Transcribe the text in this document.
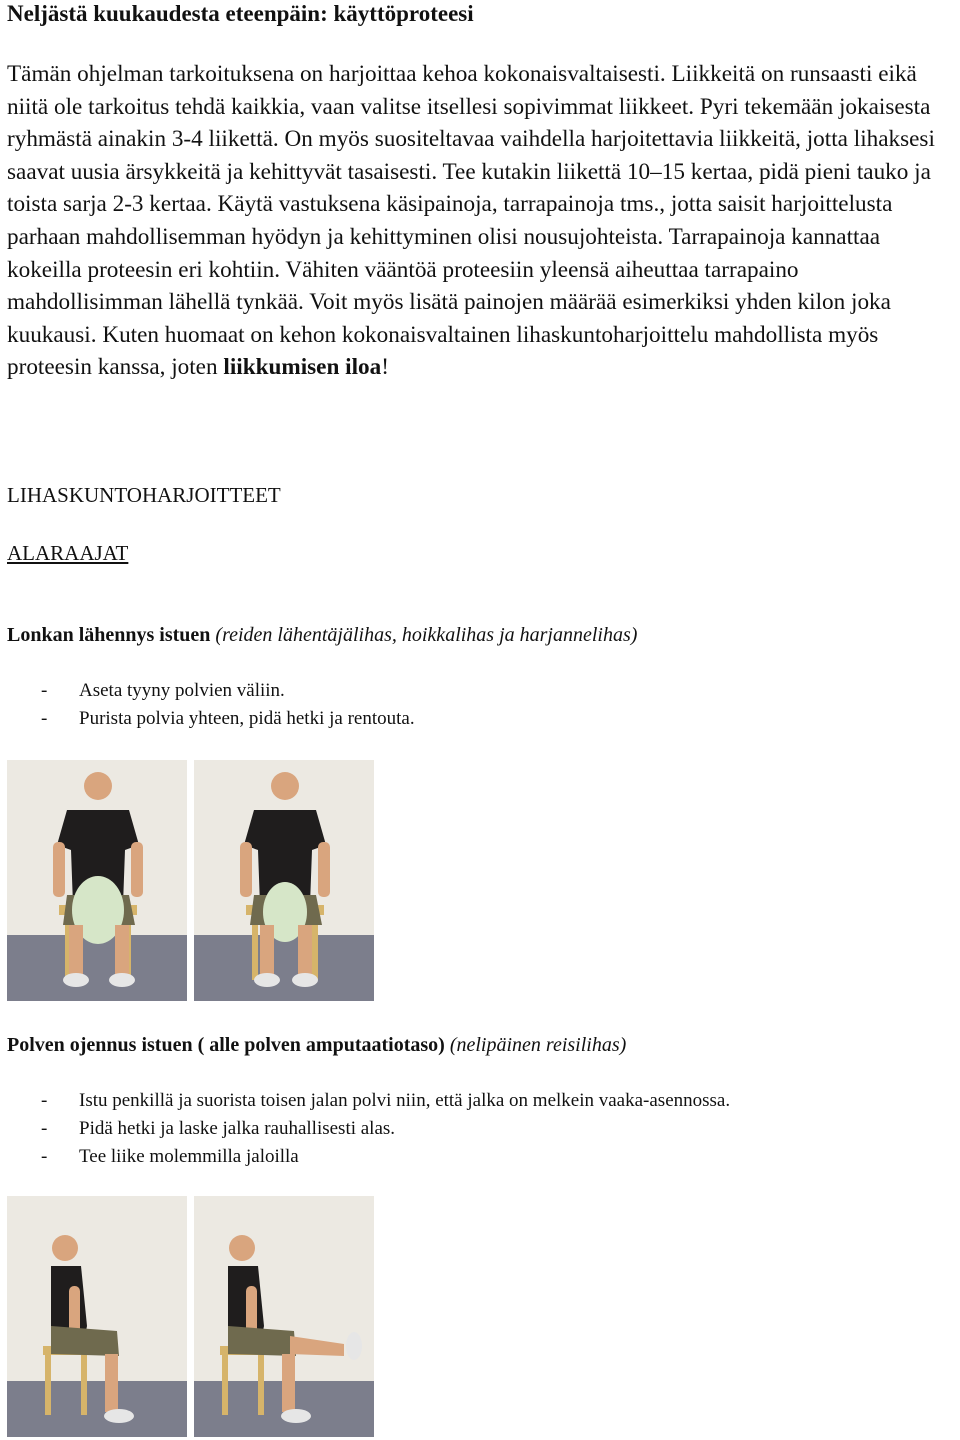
Neljästä kuukaudesta eteenpäin: käyttöproteesi

Tämän ohjelman tarkoituksena on harjoittaa kehoa kokonaisvaltaisesti. Liikkeitä on runsaasti eikä niitä ole tarkoitus tehdä kaikkia, vaan valitse itsellesi sopivimmat liikkeet. Pyri tekemään jokaisesta ryhmästä ainakin 3-4 liikettä. On myös suositeltavaa vaihdella harjoitettavia liikkeitä, jotta lihaksesi saavat uusia ärsykkeitä ja kehittyvät tasaisesti. Tee kutakin liikettä 10–15 kertaa, pidä pieni tauko ja toista sarja 2-3 kertaa. Käytä vastuksena käsipainoja, tarrapainoja tms., jotta saisit harjoittelusta parhaan mahdollisemman hyödyn ja kehittyminen olisi nousujohteista. Tarrapainoja kannattaa kokeilla proteesin eri kohtiin. Vähiten vääntöä proteesiin yleensä aiheuttaa tarrapaino mahdollisimman lähellä tynkää. Voit myös lisätä painojen määrää esimerkiksi yhden kilon joka kuukausi. Kuten huomaat on kehon kokonaisvaltainen lihaskuntoharjoittelu mahdollista myös proteesin kanssa, joten liikkumisen iloa!

LIHASKUNTOHARJOITTEET

ALARAAJAT

Lonkan lähennys istuen (reiden lähentäjälihas, hoikkalihas ja harjannelihas)

- Aseta tyyny polvien väliin.
- Purista polvia yhteen, pidä hetki ja rentouta.

Polven ojennus istuen ( alle polven amputaatiotaso) (nelipäinen reisilihas)

- Istu penkillä ja suorista toisen jalan polvi niin, että jalka on melkein vaaka-asennossa.
- Pidä hetki ja laske jalka rauhallisesti alas.
- Tee liike molemmilla jaloilla
